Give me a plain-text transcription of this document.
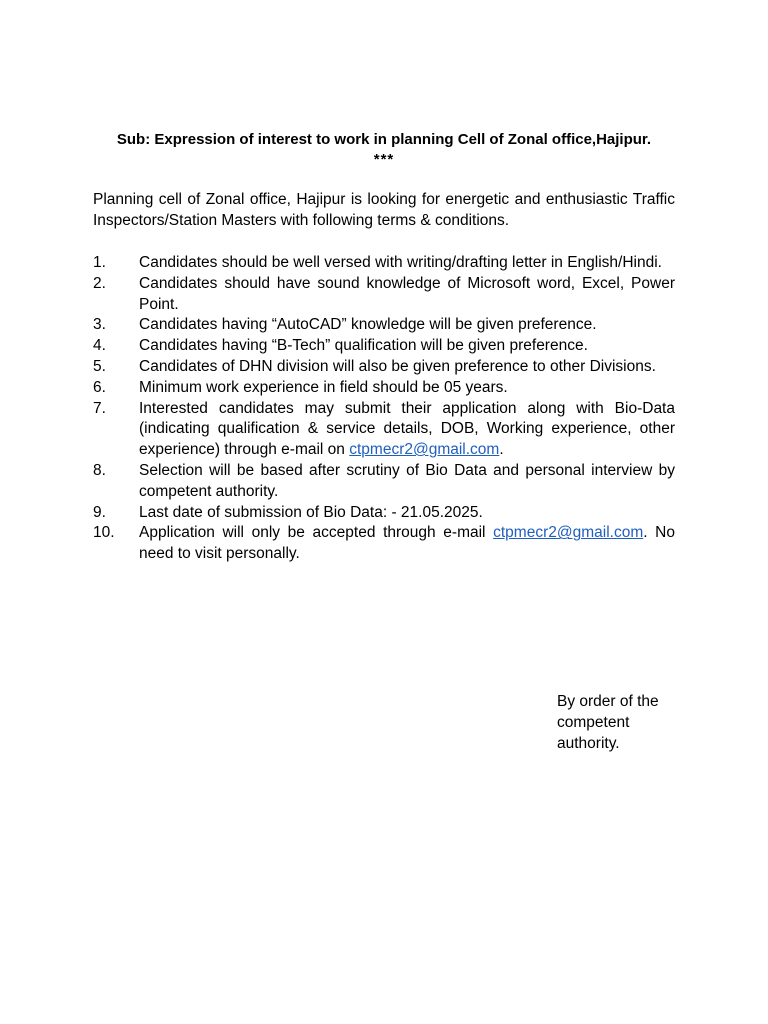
Sub: Expression of interest to work in planning Cell of Zonal office,Hajipur.
***
Planning cell of Zonal office, Hajipur is looking for energetic and enthusiastic Traffic Inspectors/Station Masters with following terms & conditions.
1.	Candidates should be well versed with writing/drafting letter in English/Hindi.
2.	Candidates should have sound knowledge of Microsoft word, Excel, Power Point.
3.	Candidates having “AutoCAD” knowledge will be given preference.
4.	Candidates having “B-Tech” qualification will be given preference.
5.	Candidates of DHN division will also be given preference to other Divisions.
6.	Minimum work experience in field should be 05 years.
7.	Interested candidates may submit their application along with Bio-Data (indicating qualification & service details, DOB, Working experience, other experience) through e-mail on ctpmecr2@gmail.com.
8.	Selection will be based after scrutiny of Bio Data and personal interview by competent authority.
9.	Last date of submission of Bio Data: - 21.05.2025.
10.	Application will only be accepted through e-mail ctpmecr2@gmail.com. No need to visit personally.
By order of the
competent
authority.
